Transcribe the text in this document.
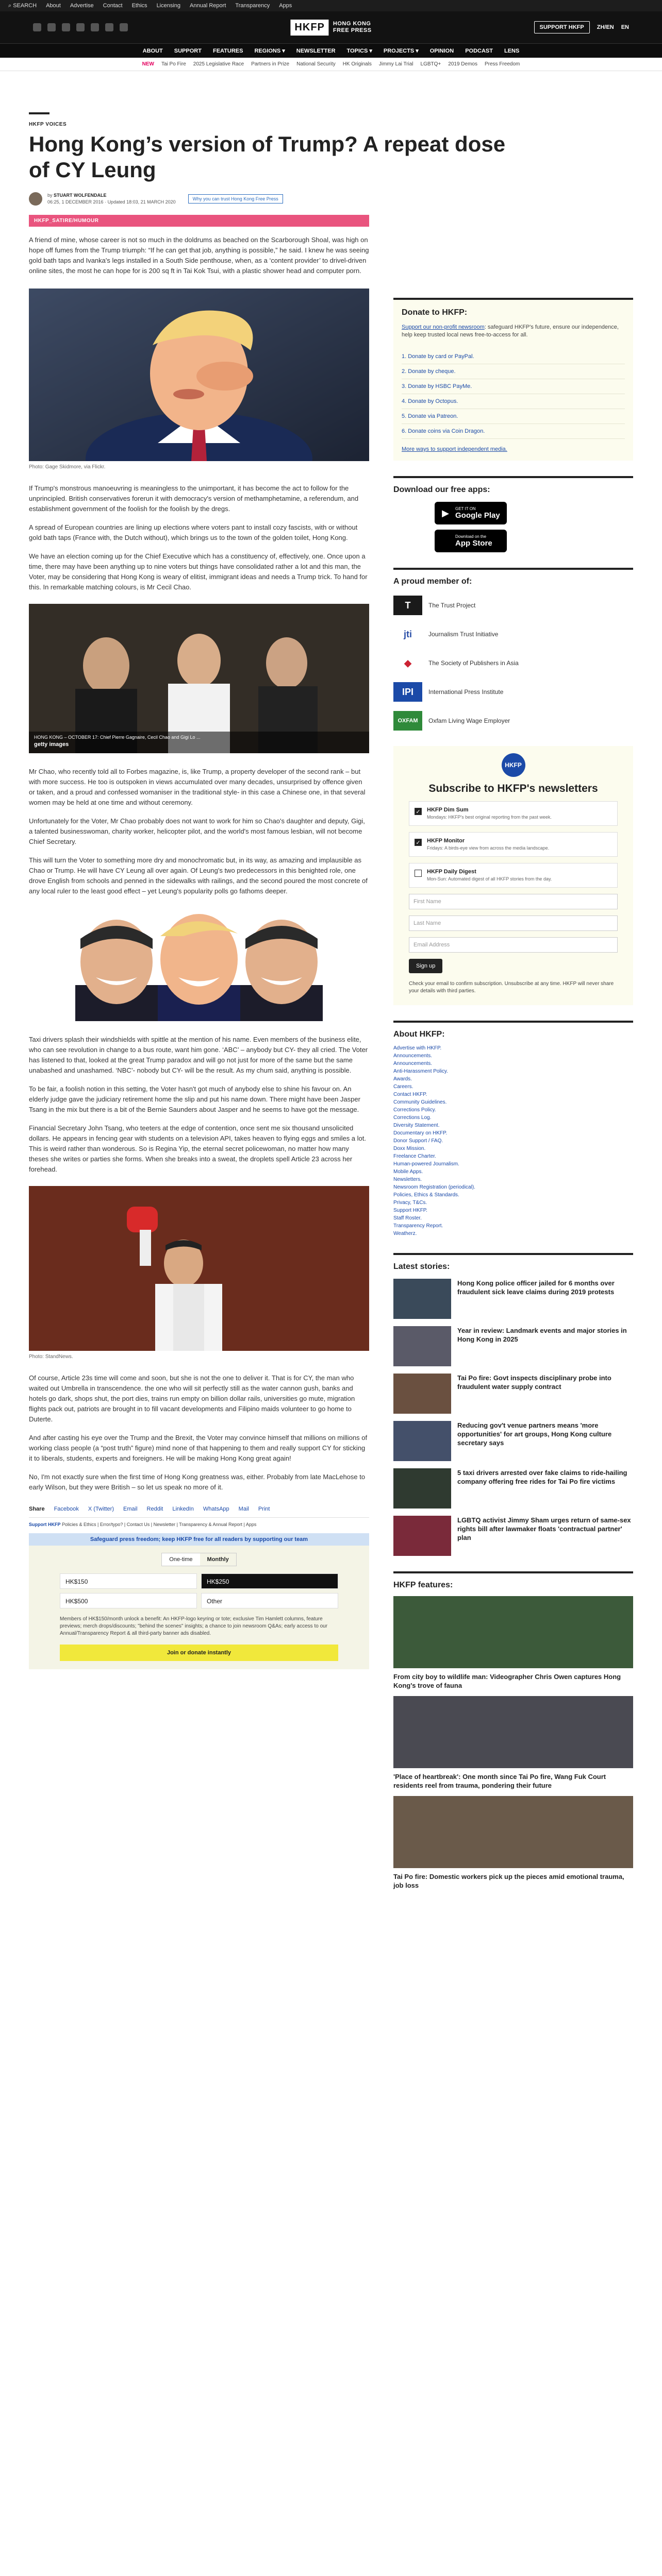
⌕ SEARCH About Advertise Contact Ethics Licensing Annual Report Transparency Apps
HKFP	HONG KONG
FREE PRESS	SUPPORT HKFP	ZH/EN EN
ABOUT SUPPORT FEATURES REGIONS ▾ NEWSLETTER TOPICS ▾ PROJECTS ▾ OPINION PODCAST LENS
NEW Tai Po Fire 2025 Legislative Race Partners in Prize National Security HK Originals Jimmy Lai Trial LGBTQ+ 2019 Demos Press Freedom
HKFP VOICES
Hong Kong’s version of Trump? A repeat dose of CY Leung
by STUART WOLFENDALE
06:25, 1 DECEMBER 2016 · Updated 18:03, 21 MARCH 2020
Why you can trust Hong Kong Free Press
HKFP_SATIRE/HUMOUR

A friend of mine, whose career is not so much in the doldrums as beached on the Scarborough Shoal, was high on hope off fumes from the Trump triumph: “If he can get that job, anything is possible,” he said. I knew he was seeing gold bath taps and Ivanka's legs installed in a South Side penthouse, when, as a ‘content provider’ to drivel-driven online sites, the most he can hope for is 200 sq ft in Tai Kok Tsui, with a plastic shower head and computer porn.

Photo: Gage Skidmore, via Flickr.

If Trump's monstrous manoeuvring is meaningless to the unimportant, it has become the act to follow for the unprincipled. British conservatives forerun it with democracy's version of methamphetamine, a referendum, and establishment government of the foolish for the foolish by the dregs.

A spread of European countries are lining up elections where voters pant to install cozy fascists, with or without gold bath taps (France with, the Dutch without), which brings us to the town of the golden toilet, Hong Kong.

We have an election coming up for the Chief Executive which has a constituency of, effectively, one. Once upon a time, there may have been anything up to nine voters but things have consolidated rather a lot and this man, the Voter, may be considering that Hong Kong is weary of elitist, immigrant ideas and needs a Trump trick. To hand for this. In remarkable matching colours, is Mr Cecil Chao.

HONG KONG – OCTOBER 17: Chief Pierre Gagnaire, Cecil Chao and Gigi Lo ...
getty images

Mr Chao, who recently told all to Forbes magazine, is, like Trump, a property developer of the second rank – but with more success. He too is outspoken in views accumulated over many decades, unsurprised by offence given or taken, and a proud and confessed womaniser in the traditional style- in this case a Chinese one, in that several women may be held at one time and without ceremony.

Unfortunately for the Voter, Mr Chao probably does not want to work for him so Chao's daughter and deputy, Gigi, a talented businesswoman, charity worker, helicopter pilot, and the world's most famous lesbian, will not become Chief Secretary.

This will turn the Voter to something more dry and monochromatic but, in its way, as amazing and implausible as Chao or Trump. He will have CY Leung all over again. Of Leung's two predecessors in this benighted role, one drove English from schools and penned in the sidewalks with railings, and the second poured the most concrete of any local ruler to the least good effect – yet Leung's popularity polls go fathoms deeper.

Taxi drivers splash their windshields with spittle at the mention of his name. Even members of the business elite, who can see revolution in change to a bus route, want him gone. ‘ABC’ – anybody but CY- they all cried. The Voter has listened to that, looked at the great Trump paradox and will go not just for more of the same but the same unabashed and unashamed. ‘NBC’- nobody but CY- will be the result. As my chum said, anything is possible.

To be fair, a foolish notion in this setting, the Voter hasn't got much of anybody else to shine his favour on. An elderly judge gave the judiciary retirement home the slip and put his name down. There might have been Jasper Tsang in the mix but there is a bit of the Bernie Saunders about Jasper and he seems to have got the message.

Financial Secretary John Tsang, who teeters at the edge of contention, once sent me six thousand unsolicited dollars. He appears in fencing gear with students on a television API, takes heaven to flying eggs and smiles a lot. This is weird rather than wonderous. So is Regina Yip, the eternal secret policewoman, no matter how many theses she writes or parties she forms. When she breaks into a sweat, the droplets spell Article 23 across her forehead.

Photo: StandNews.

Of course, Article 23s time will come and soon, but she is not the one to deliver it. That is for CY, the man who waited out Umbrella in transcendence. the one who will sit perfectly still as the water cannon gush, banks and hotels go dark, shops shut, the port dies, trains run empty on billion dollar rails, universities go mute, migration flights pack out, patriots are brought in to fill vacant developments and Filipino maids volunteer to go home to Duterte.

And after casting his eye over the Trump and the Brexit, the Voter may convince himself that millions on millions of working class people (a “post truth” figure) mind none of that happening to them and really support CY for sticking it to liberals, students, experts and foreigners. He will be making Hong Kong great again!

No, I'm not exactly sure when the first time of Hong Kong greatness was, either. Probably from late MacLehose to early Wilson, but they were British – so let us speak no more of it.

Share Facebook X (Twitter) Email Reddit LinkedIn WhatsApp Mail Print
Support HKFP Policies & Ethics | Error/typo? | Contact Us | Newsletter | Transparency & Annual Report | Apps
Safeguard press freedom; keep HKFP free for all readers by supporting our team
One-time	Monthly
HK$150	HK$250
HK$500	Other
Members of HK$150/month unlock a benefit: An HKFP-logo keyring or tote; exclusive Tim Hamlett columns, feature previews; merch drops/discounts; "behind the scenes" insights; a chance to join newsroom Q&As; early access to our Annual/Transparency Report & all third-party banner ads disabled.
Join or donate instantly
Donate to HKFP:
Support our non-profit newsroom: safeguard HKFP's future, ensure our independence, help keep trusted local news free-to-access for all.
1. Donate by card or PayPal.
2. Donate by cheque.
3. Donate by HSBC PayMe.
4. Donate by Octopus.
5. Donate via Patreon.
6. Donate coins via Coin Dragon.
More ways to support independent media.
Download our free apps:
▶	GET IT ON
Google Play
Download on the
App Store
A proud member of:
T	The Trust Project
jti	Journalism Trust Initiative
◆	The Society of Publishers in Asia
IPI	International Press Institute
OXFAM	Oxfam Living Wage Employer
HKFP
Subscribe to HKFP's newsletters
✓ HKFP Dim Sum
Mondays: HKFP's best original reporting from the past week.
✓ HKFP Monitor
Fridays: A birds-eye view from across the media landscape.
HKFP Daily Digest
Mon-Sun: Automated digest of all HKFP stories from the day.
First Name
Last Name
Email Address
Sign up
Check your email to confirm subscription. Unsubscribe at any time. HKFP will never share your details with third parties.
About HKFP:
Advertise with HKFP.
Announcements.
Announcements.
Anti-Harassment Policy.
Awards.
Careers.
Contact HKFP.
Community Guidelines.
Corrections Policy.
Corrections Log.
Diversity Statement.
Documentary on HKFP.
Donor Support / FAQ.
Doxx Mission.
Freelance Charter.
Human-powered Journalism.
Mobile Apps.
Newsletters.
Newsroom Registration (periodical).
Policies, Ethics & Standards.
Privacy, T&Cs.
Support HKFP.
Staff Roster.
Transparency Report.
Weatherz.
Latest stories:
Hong Kong police officer jailed for 6 months over fraudulent sick leave claims during 2019 protests
Year in review: Landmark events and major stories in Hong Kong in 2025
Tai Po fire: Govt inspects disciplinary probe into fraudulent water supply contract
Reducing gov't venue partners means 'more opportunities' for art groups, Hong Kong culture secretary says
5 taxi drivers arrested over fake claims to ride-hailing company offering free rides for Tai Po fire victims
LGBTQ activist Jimmy Sham urges return of same-sex rights bill after lawmaker floats 'contractual partner' plan
HKFP features:
From city boy to wildlife man: Videographer Chris Owen captures Hong Kong's trove of fauna
'Place of heartbreak': One month since Tai Po fire, Wang Fuk Court residents reel from trauma, pondering their future
Tai Po fire: Domestic workers pick up the pieces amid emotional trauma, job loss
